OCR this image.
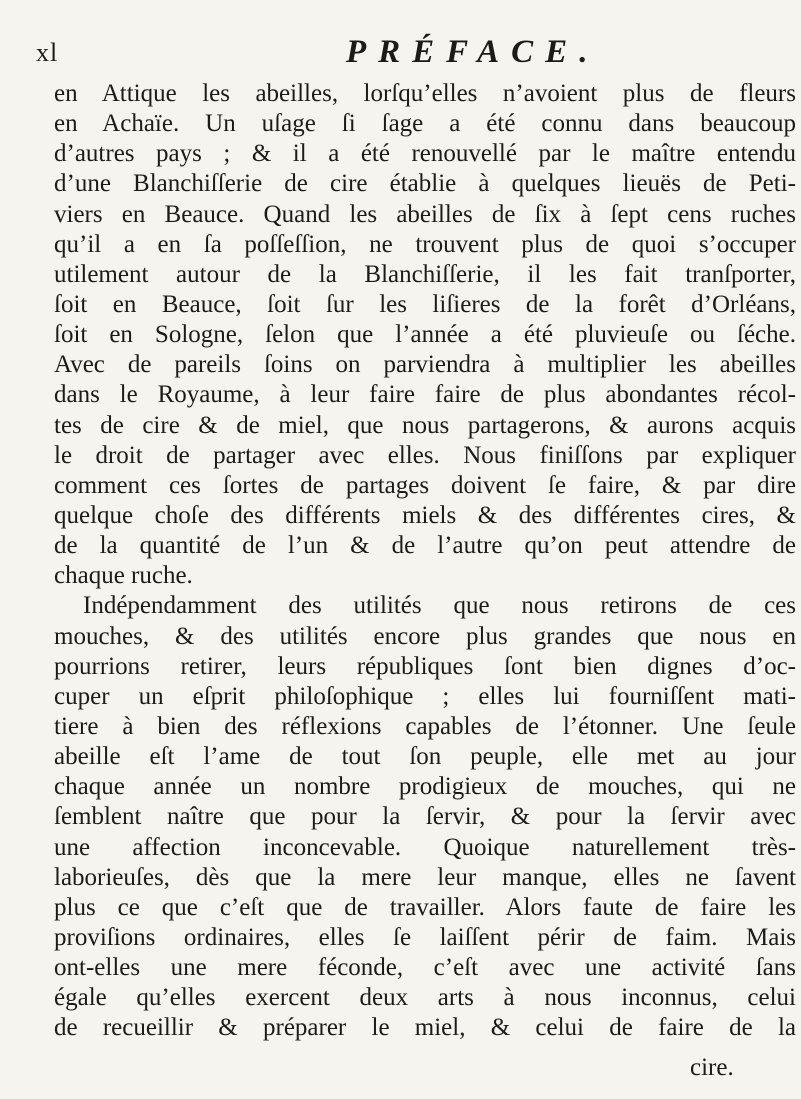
xl	PRÉFACE.
en Attique les abeilles, lorſqu’elles n’avoient plus de fleurs
en Achaïe. Un uſage ſi ſage a été connu dans beaucoup
d’autres pays ; & il a été renouvellé par le maître entendu
d’une Blanchiſſerie de cire établie à quelques lieuës de Peti-
viers en Beauce. Quand les abeilles de ſix à ſept cens ruches
qu’il a en ſa poſſeſſion, ne trouvent plus de quoi s’occuper
utilement autour de la Blanchiſſerie, il les fait tranſporter,
ſoit en Beauce, ſoit ſur les liſieres de la forêt d’Orléans,
ſoit en Sologne, ſelon que l’année a été pluvieuſe ou ſéche.
Avec de pareils ſoins on parviendra à multiplier les abeilles
dans le Royaume, à leur faire faire de plus abondantes récol-
tes de cire & de miel, que nous partagerons, & aurons acquis
le droit de partager avec elles. Nous finiſſons par expliquer
comment ces ſortes de partages doivent ſe faire, & par dire
quelque choſe des différents miels & des différentes cires, &
de la quantité de l’un & de l’autre qu’on peut attendre de
chaque ruche.
Indépendamment des utilités que nous retirons de ces
mouches, & des utilités encore plus grandes que nous en
pourrions retirer, leurs républiques ſont bien dignes d’oc-
cuper un eſprit philoſophique ; elles lui fourniſſent mati-
tiere à bien des réflexions capables de l’étonner. Une ſeule
abeille eſt l’ame de tout ſon peuple, elle met au jour
chaque année un nombre prodigieux de mouches, qui ne
ſemblent naître que pour la ſervir, & pour la ſervir avec
une affection inconcevable. Quoique naturellement très-
laborieuſes, dès que la mere leur manque, elles ne ſavent
plus ce que c’eſt que de travailler. Alors faute de faire les
proviſions ordinaires, elles ſe laiſſent périr de faim. Mais
ont-elles une mere féconde, c’eſt avec une activité ſans
égale qu’elles exercent deux arts à nous inconnus, celui
de recueillir & préparer le miel, & celui de faire de la
cire.
